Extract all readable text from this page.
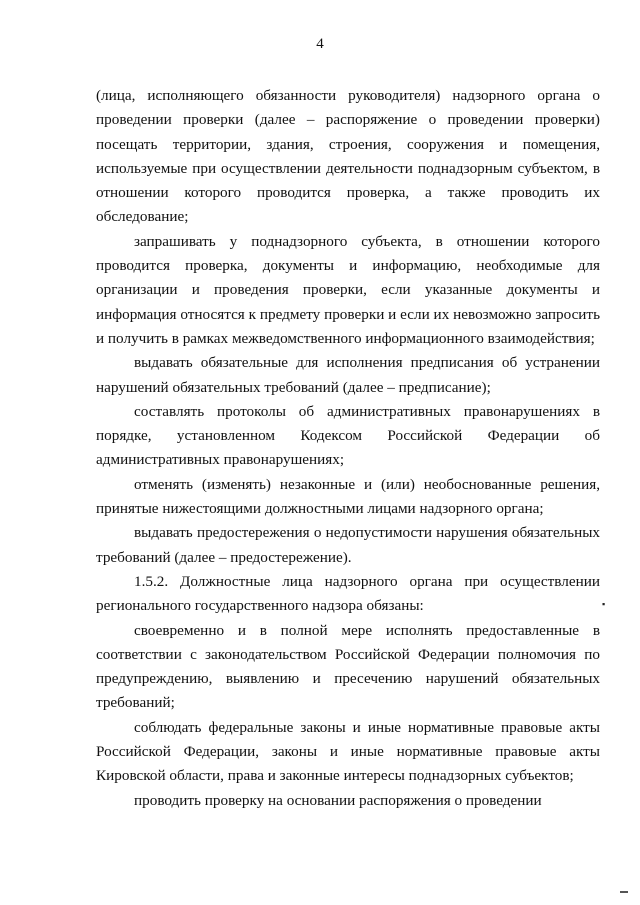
4

(лица, исполняющего обязанности руководителя) надзорного органа о проведении проверки (далее – распоряжение о проведении проверки) посещать территории, здания, строения, сооружения и помещения, используемые при осуществлении деятельности поднадзорным субъектом, в отношении которого проводится проверка, а также проводить их обследование;

запрашивать у поднадзорного субъекта, в отношении которого проводится проверка, документы и информацию, необходимые для организации и проведения проверки, если указанные документы и информация относятся к предмету проверки и если их невозможно запросить и получить в рамках межведомственного информационного взаимодействия;

выдавать обязательные для исполнения предписания об устранении нарушений обязательных требований (далее – предписание);

составлять протоколы об административных правонарушениях в порядке, установленном Кодексом Российской Федерации об административных правонарушениях;

отменять (изменять) незаконные и (или) необоснованные решения, принятые нижестоящими должностными лицами надзорного органа;

выдавать предостережения о недопустимости нарушения обязательных требований (далее – предостережение).

1.5.2. Должностные лица надзорного органа при осуществлении регионального государственного надзора обязаны:

своевременно и в полной мере исполнять предоставленные в соответствии с законодательством Российской Федерации полномочия по предупреждению, выявлению и пресечению нарушений обязательных требований;

соблюдать федеральные законы и иные нормативные правовые акты Российской Федерации, законы и иные нормативные правовые акты Кировской области, права и законные интересы поднадзорных субъектов;

проводить проверку на основании распоряжения о проведении

▪
